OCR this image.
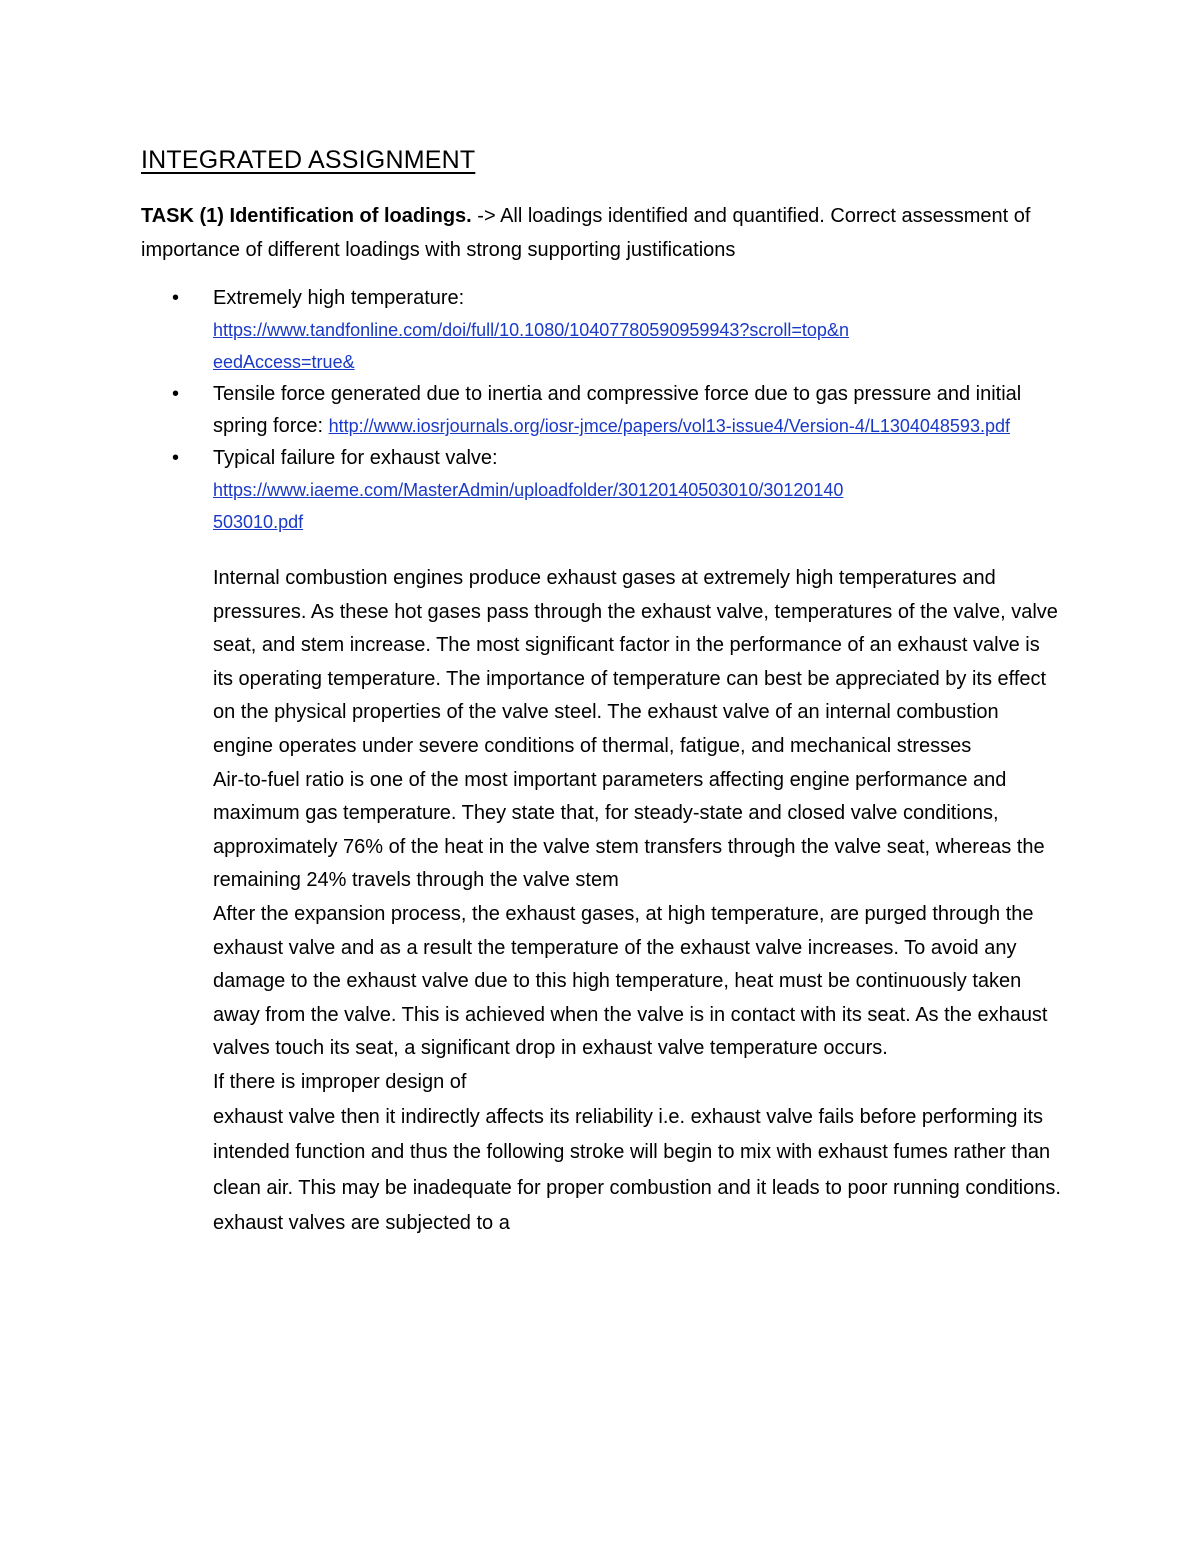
INTEGRATED ASSIGNMENT

TASK (1) Identification of loadings. -> All loadings identified and quantified. Correct assessment of importance of different loadings with strong supporting justifications

• Extremely high temperature:
https://www.tandfonline.com/doi/full/10.1080/10407780590959943?scroll=top&needAccess=true&
• Tensile force generated due to inertia and compressive force due to gas pressure and initial spring force: http://www.iosrjournals.org/iosr-jmce/papers/vol13-issue4/Version-4/L1304048593.pdf
• Typical failure for exhaust valve:
https://www.iaeme.com/MasterAdmin/uploadfolder/30120140503010/30120140503010.pdf

Internal combustion engines produce exhaust gases at extremely high temperatures and pressures. As these hot gases pass through the exhaust valve, temperatures of the valve, valve seat, and stem increase. The most significant factor in the performance of an exhaust valve is its operating temperature. The importance of temperature can best be appreciated by its effect on the physical properties of the valve steel. The exhaust valve of an internal combustion engine operates under severe conditions of thermal, fatigue, and mechanical stresses

Air-to-fuel ratio is one of the most important parameters affecting engine performance and maximum gas temperature. They state that, for steady-state and closed valve conditions, approximately 76% of the heat in the valve stem transfers through the valve seat, whereas the remaining 24% travels through the valve stem

After the expansion process, the exhaust gases, at high temperature, are purged through the exhaust valve and as a result the temperature of the exhaust valve increases. To avoid any damage to the exhaust valve due to this high temperature, heat must be continuously taken away from the valve. This is achieved when the valve is in contact with its seat. As the exhaust valves touch its seat, a significant drop in exhaust valve temperature occurs.

If there is improper design of

exhaust valve then it indirectly affects its reliability i.e. exhaust valve fails before performing its intended function and thus the following stroke will begin to mix with exhaust fumes rather than clean air. This may be inadequate for proper combustion and it leads to poor running conditions. exhaust valves are subjected to a
